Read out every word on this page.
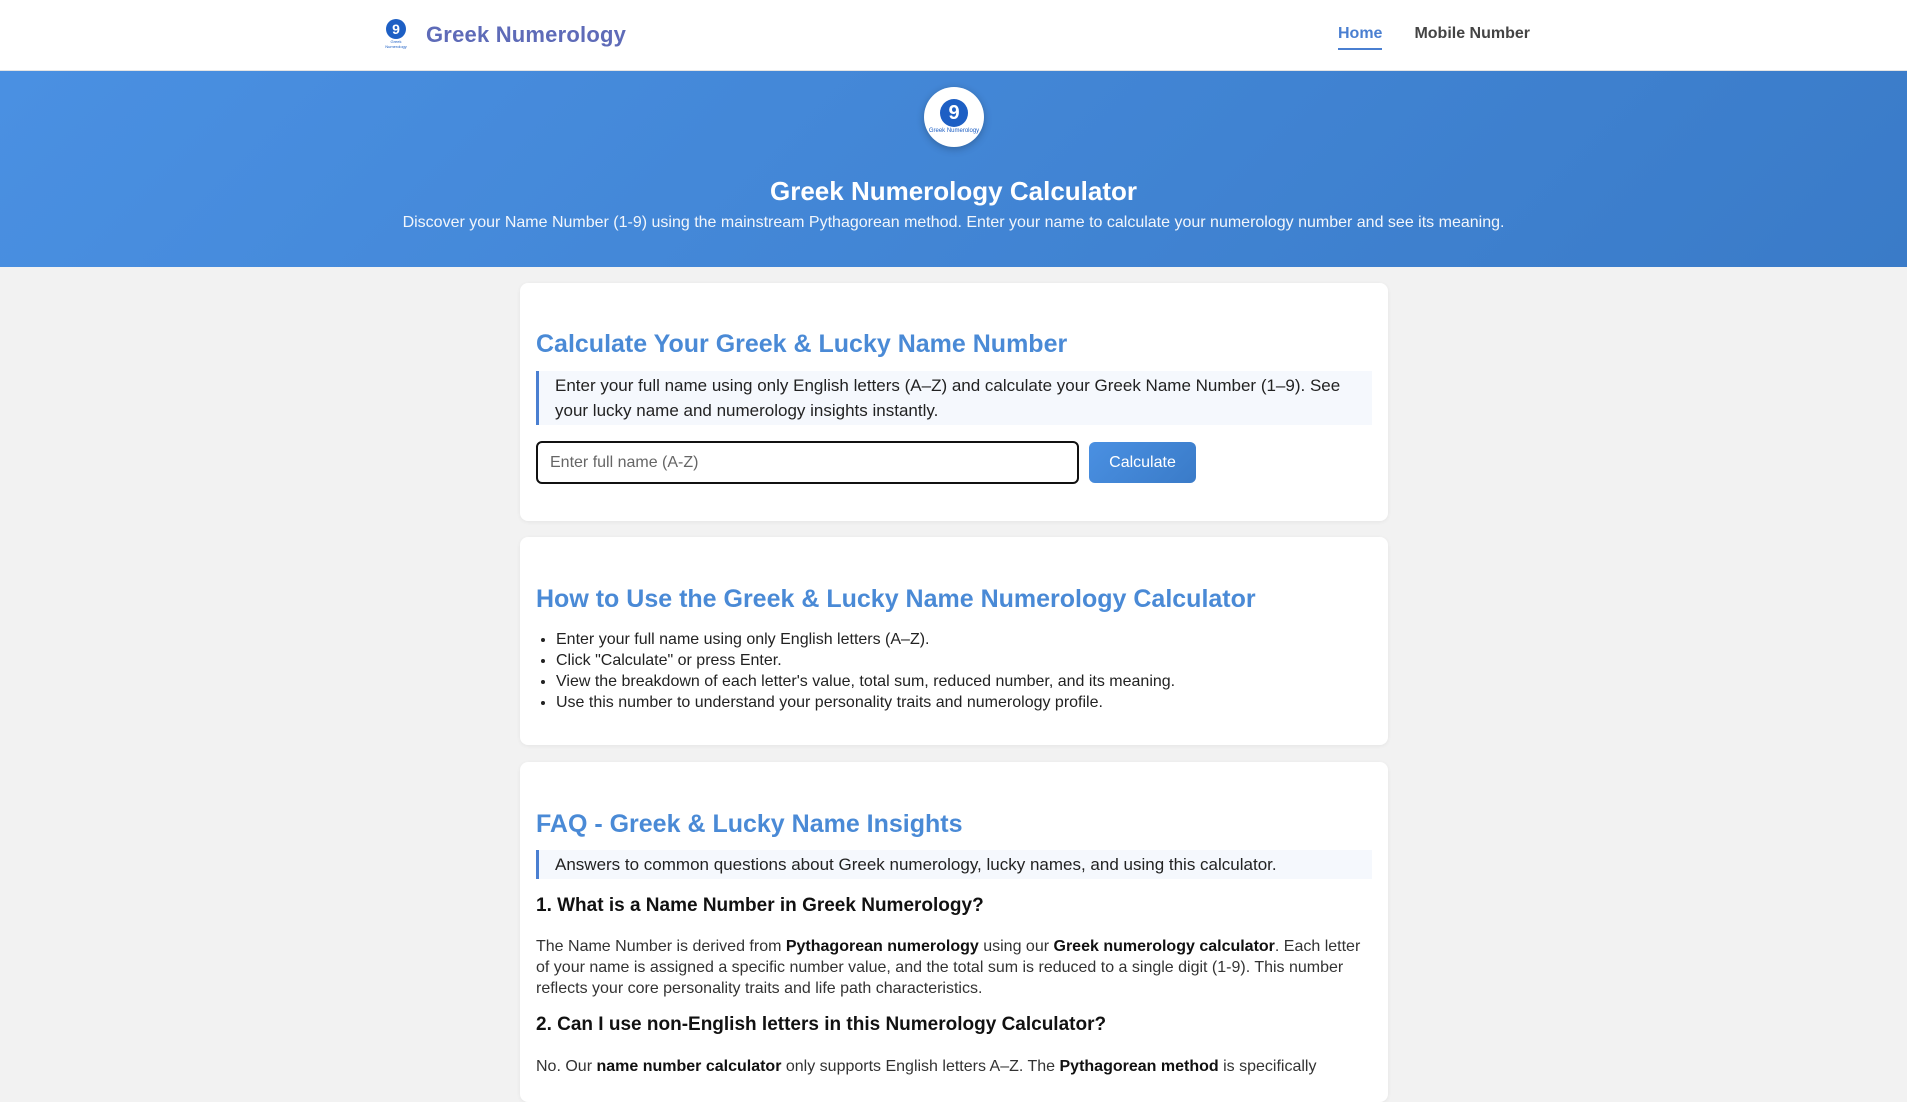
9
Greek Numerology Greek Numerology	Home Mobile Number
9
Greek Numerology
Greek Numerology Calculator

Discover your Name Number (1-9) using the mainstream Pythagorean method. Enter your name to calculate your numerology number and see its meaning.

Calculate Your Greek & Lucky Name Number
Enter your full name using only English letters (A–Z) and calculate your Greek Name Number (1–9). See your lucky name and numerology insights instantly.
Enter full name (A-Z)
Calculate
How to Use the Greek & Lucky Name Numerology Calculator
• Enter your full name using only English letters (A–Z).
• Click "Calculate" or press Enter.
• View the breakdown of each letter's value, total sum, reduced number, and its meaning.
• Use this number to understand your personality traits and numerology profile.
FAQ - Greek & Lucky Name Insights
Answers to common questions about Greek numerology, lucky names, and using this calculator.
1. What is a Name Number in Greek Numerology?

The Name Number is derived from Pythagorean numerology using our Greek numerology calculator. Each letter of your name is assigned a specific number value, and the total sum is reduced to a single digit (1-9). This number reflects your core personality traits and life path characteristics.

2. Can I use non-English letters in this Numerology Calculator?

No. Our name number calculator only supports English letters A–Z. The Pythagorean method is specifically
